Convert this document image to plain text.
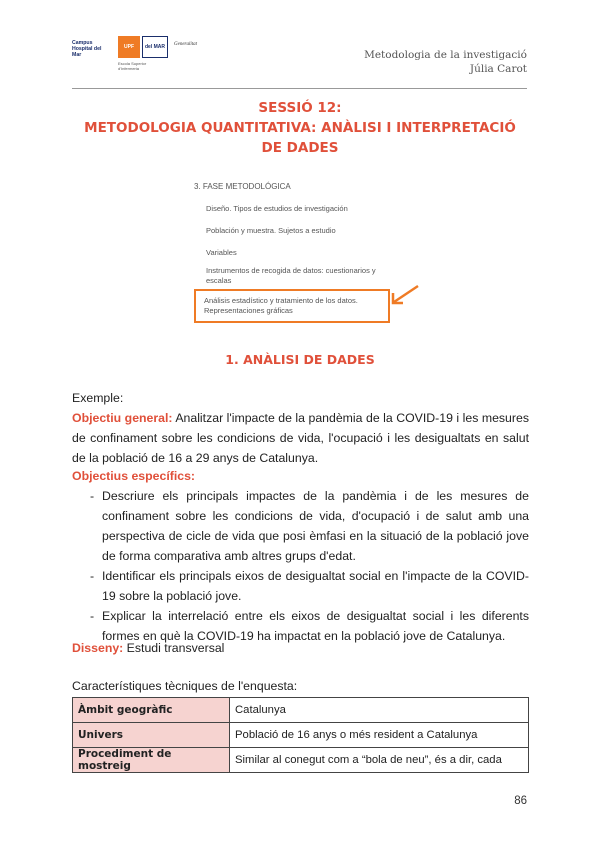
Campus Hospital del Mar
UPF	del MAR
Escola Superior d'Infermeria
Generalitat
Metodologia de la investigació
Júlia Carot
SESSIÓ 12:
METODOLOGIA QUANTITATIVA: ANÀLISI I INTERPRETACIÓ DE DADES
3. FASE METODOLÓGICA
Diseño. Tipos de estudios de investigación
Población y muestra. Sujetos a estudio
Variables
Instrumentos de recogida de datos: cuestionarios y escalas
Análisis estadístico y tratamiento de los datos. Representaciones gráficas
1. ANÀLISI DE DADES
Exemple:
Objectiu general: Analitzar l'impacte de la pandèmia de la COVID-19 i les mesures de confinament sobre les condicions de vida, l'ocupació i les desigualtats en salut de la població de 16 a 29 anys de Catalunya.
Objectius específics:
- Descriure els principals impactes de la pandèmia i de les mesures de confinament sobre les condicions de vida, d'ocupació i de salut amb una perspectiva de cicle de vida que posi èmfasi en la situació de la població jove de forma comparativa amb altres grups d'edat.
- Identificar els principals eixos de desigualtat social en l'impacte de la COVID-19 sobre la població jove.
- Explicar la interrelació entre els eixos de desigualtat social i les diferents formes en què la COVID-19 ha impactat en la població jove de Catalunya.
Disseny: Estudi transversal
Característiques tècniques de l'enquesta:
Àmbit geogràfic	Catalunya
Univers	Població de 16 anys o més resident a Catalunya
Procediment de mostreig	Similar al conegut com a “bola de neu”, és a dir, cada
86
